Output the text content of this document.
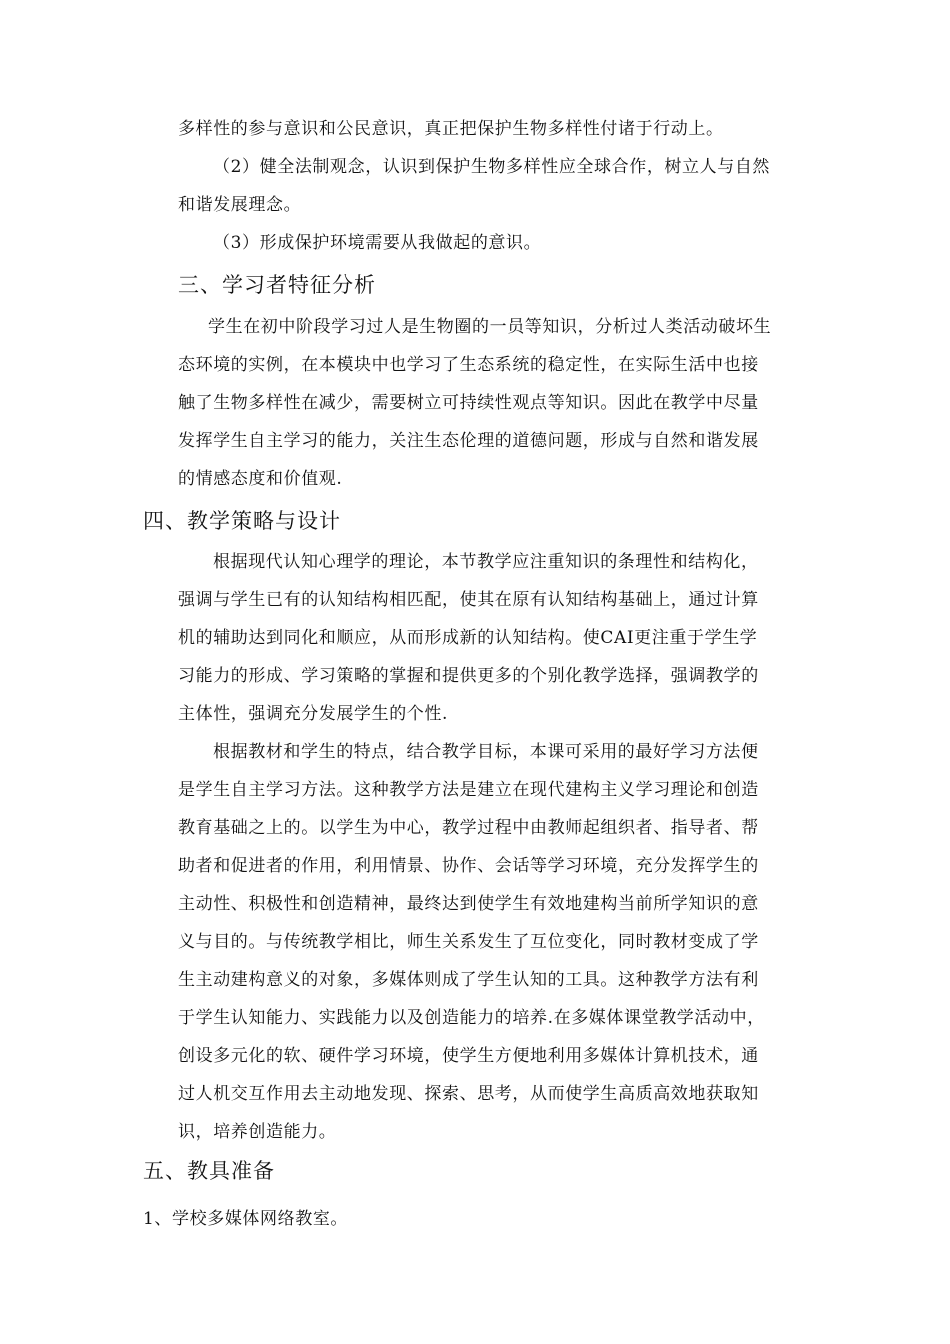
多样性的参与意识和公民意识，真正把保护生物多样性付诸于行动上。
（2）健全法制观念，认识到保护生物多样性应全球合作，树立人与自然
和谐发展理念。
（3）形成保护环境需要从我做起的意识。
三、学习者特征分析
学生在初中阶段学习过人是生物圈的一员等知识，分析过人类活动破坏生
态环境的实例，在本模块中也学习了生态系统的稳定性，在实际生活中也接
触了生物多样性在减少，需要树立可持续性观点等知识。因此在教学中尽量
发挥学生自主学习的能力，关注生态伦理的道德问题，形成与自然和谐发展
的情感态度和价值观.
四、教学策略与设计
根据现代认知心理学的理论，本节教学应注重知识的条理性和结构化，
强调与学生已有的认知结构相匹配，使其在原有认知结构基础上，通过计算
机的辅助达到同化和顺应，从而形成新的认知结构。使CAI更注重于学生学
习能力的形成、学习策略的掌握和提供更多的个别化教学选择，强调教学的
主体性，强调充分发展学生的个性.
根据教材和学生的特点，结合教学目标，本课可采用的最好学习方法便
是学生自主学习方法。这种教学方法是建立在现代建构主义学习理论和创造
教育基础之上的。以学生为中心，教学过程中由教师起组织者、指导者、帮
助者和促进者的作用，利用情景、协作、会话等学习环境，充分发挥学生的
主动性、积极性和创造精神，最终达到使学生有效地建构当前所学知识的意
义与目的。与传统教学相比，师生关系发生了互位变化，同时教材变成了学
生主动建构意义的对象，多媒体则成了学生认知的工具。这种教学方法有利
于学生认知能力、实践能力以及创造能力的培养.在多媒体课堂教学活动中，
创设多元化的软、硬件学习环境，使学生方便地利用多媒体计算机技术，通
过人机交互作用去主动地发现、探索、思考，从而使学生高质高效地获取知
识，培养创造能力。
五、教具准备
1、学校多媒体网络教室。
